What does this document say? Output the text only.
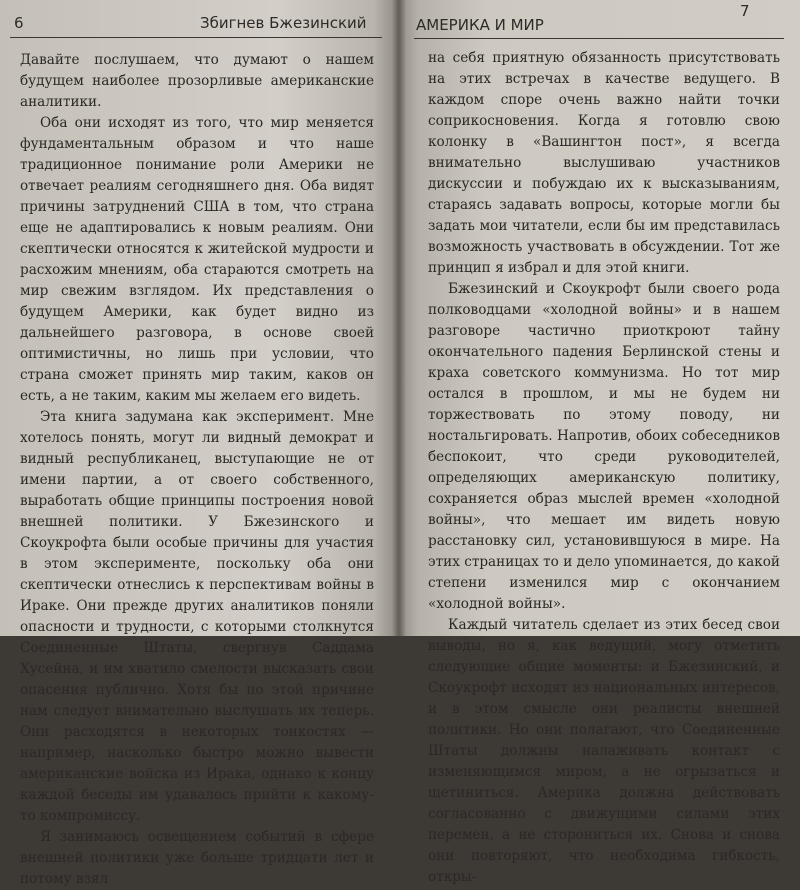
6	Збигнев Бжезинский

Давайте послушаем, что думают о нашем будущем наиболее прозорливые американские аналитики.

Оба они исходят из того, что мир меняется фундаментальным образом и что наше традиционное понимание роли Америки не отвечает реалиям сегодняшнего дня. Оба видят причины затруднений США в том, что страна еще не адаптировались к новым реалиям. Они скептически относятся к житейской мудрости и расхожим мнениям, оба стараются смотреть на мир свежим взглядом. Их представления о будущем Америки, как будет видно из дальнейшего разговора, в основе своей оптимистичны, но лишь при условии, что страна сможет принять мир таким, каков он есть, а не таким, каким мы желаем его видеть.

Эта книга задумана как эксперимент. Мне хотелось понять, могут ли видный демократ и видный республиканец, выступающие не от имени партии, а от своего собственного, выработать общие принципы построения новой внешней политики. У Бжезинского и Скоукрофта были особые причины для участия в этом эксперименте, поскольку оба они скептически отнеслись к перспективам войны в Ираке. Они прежде других аналитиков поняли опасности и трудности, с которыми столкнутся Соединенные Штаты, свергнув Саддама Хусейна, и им хватило смелости высказать свои опасения публично. Хотя бы по этой причине нам следует внимательно выслушать их теперь. Они расходятся в некоторых тонкостях — например, насколько быстро можно вывести американские войска из Ирака, однако к концу каждой беседы им удавалось прийти к какому-то компромиссу.

Я занимаюсь освещением событий в сфере внешней политики уже больше тридцати лет и потому взял

АМЕРИКА И МИР
7

на себя приятную обязанность присутствовать на этих встречах в качестве ведущего. В каждом споре очень важно найти точки соприкосновения. Когда я готовлю свою колонку в «Вашингтон пост», я всегда внимательно выслушиваю участников дискуссии и побуждаю их к высказываниям, стараясь задавать вопросы, которые могли бы задать мои читатели, если бы им представилась возможность участвовать в обсуждении. Тот же принцип я избрал и для этой книги.

Бжезинский и Скоукрофт были своего рода полководцами «холодной войны» и в нашем разговоре частично приоткроют тайну окончательного падения Берлинской стены и краха советского коммунизма. Но тот мир остался в прошлом, и мы не будем ни торжествовать по этому поводу, ни ностальгировать. Напротив, обоих собеседников беспокоит, что среди руководителей, определяющих американскую политику, сохраняется образ мыслей времен «холодной войны», что мешает им видеть новую расстановку сил, установившуюся в мире. На этих страницах то и дело упоминается, до какой степени изменился мир с окончанием «холодной войны».

Каждый читатель сделает из этих бесед свои выводы, но я, как ведущий, могу отметить следующие общие моменты: и Бжезинский, и Скоукрофт исходят из национальных интересов, и в этом смысле они реалисты внешней политики. Но они полагают, что Соединенные Штаты должны налаживать контакт с изменяющимся миром, а не огрызаться и щетиниться. Америка должна действовать согласованно с движущими силами этих перемен, а не сторониться их. Снова и снова они повторяют, что необходима гибкость, откры-
